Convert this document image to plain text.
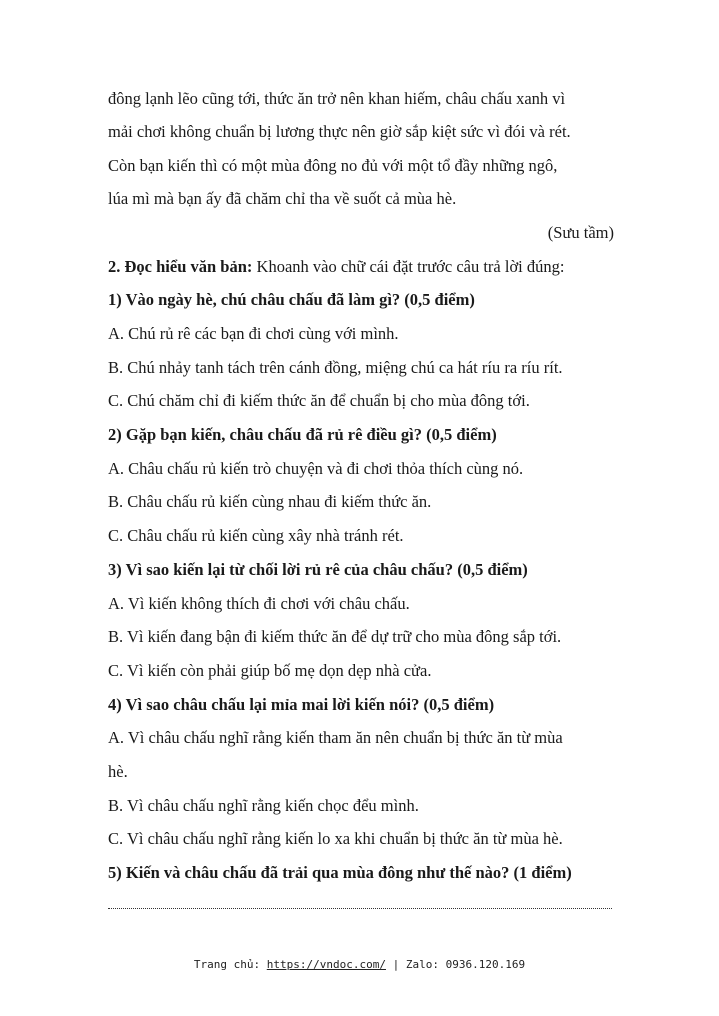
đông lạnh lẽo cũng tới, thức ăn trở nên khan hiếm, châu chấu xanh vì
mải chơi không chuẩn bị lương thực nên giờ sắp kiệt sức vì đói và rét.
Còn bạn kiến thì có một mùa đông no đủ với một tổ đầy những ngô,
lúa mì mà bạn ấy đã chăm chỉ tha về suốt cả mùa hè.
(Sưu tầm)
2. Đọc hiểu văn bản: Khoanh vào chữ cái đặt trước câu trả lời đúng:
1) Vào ngày hè, chú châu chấu đã làm gì? (0,5 điểm)
A. Chú rủ rê các bạn đi chơi cùng với mình.
B. Chú nhảy tanh tách trên cánh đồng, miệng chú ca hát ríu ra ríu rít.
C. Chú chăm chỉ đi kiếm thức ăn để chuẩn bị cho mùa đông tới.
2) Gặp bạn kiến, châu chấu đã rủ rê điều gì? (0,5 điểm)
A. Châu chấu rủ kiến trò chuyện và đi chơi thỏa thích cùng nó.
B. Châu chấu rủ kiến cùng nhau đi kiếm thức ăn.
C. Châu chấu rủ kiến cùng xây nhà tránh rét.
3) Vì sao kiến lại từ chối lời rủ rê của châu chấu? (0,5 điểm)
A. Vì kiến không thích đi chơi với châu chấu.
B. Vì kiến đang bận đi kiếm thức ăn để dự trữ cho mùa đông sắp tới.
C. Vì kiến còn phải giúp bố mẹ dọn dẹp nhà cửa.
4) Vì sao châu chấu lại mỉa mai lời kiến nói? (0,5 điểm)
A. Vì châu chấu nghĩ rằng kiến tham ăn nên chuẩn bị thức ăn từ mùa
hè.
B. Vì châu chấu nghĩ rằng kiến chọc đểu mình.
C. Vì châu chấu nghĩ rằng kiến lo xa khi chuẩn bị thức ăn từ mùa hè.
5) Kiến và châu chấu đã trải qua mùa đông như thế nào? (1 điểm)
Trang chủ: https://vndoc.com/ | Zalo: 0936.120.169
